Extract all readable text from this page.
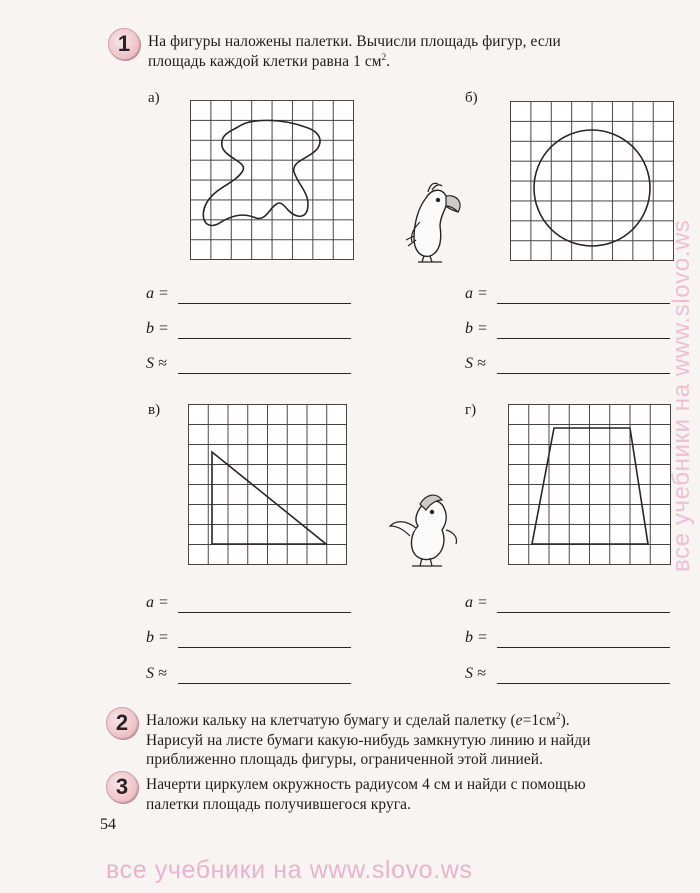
1 На фигуры наложены палетки. Вычисли площадь фигур, если
площадь каждой клетки равна 1 $см^2$.
а)	б)
в)	г)
a =
b =
S ≈
a =
b =
S ≈
a =
b =
S ≈
a =
b =
S ≈
2 Наложи кальку на клетчатую бумагу и сделай палетку $(е=1см^2)$.
Нарисуй на листе бумаги какую-нибудь замкнутую линию и найди
приближенно площадь фигуры, ограниченной этой линией.
3 Начерти циркулем окружность радиусом 4 см и найди с помощью
палетки площадь получившегося круга.
54
все учебники на www.slovo.ws
все учебники на www.slovo.ws
